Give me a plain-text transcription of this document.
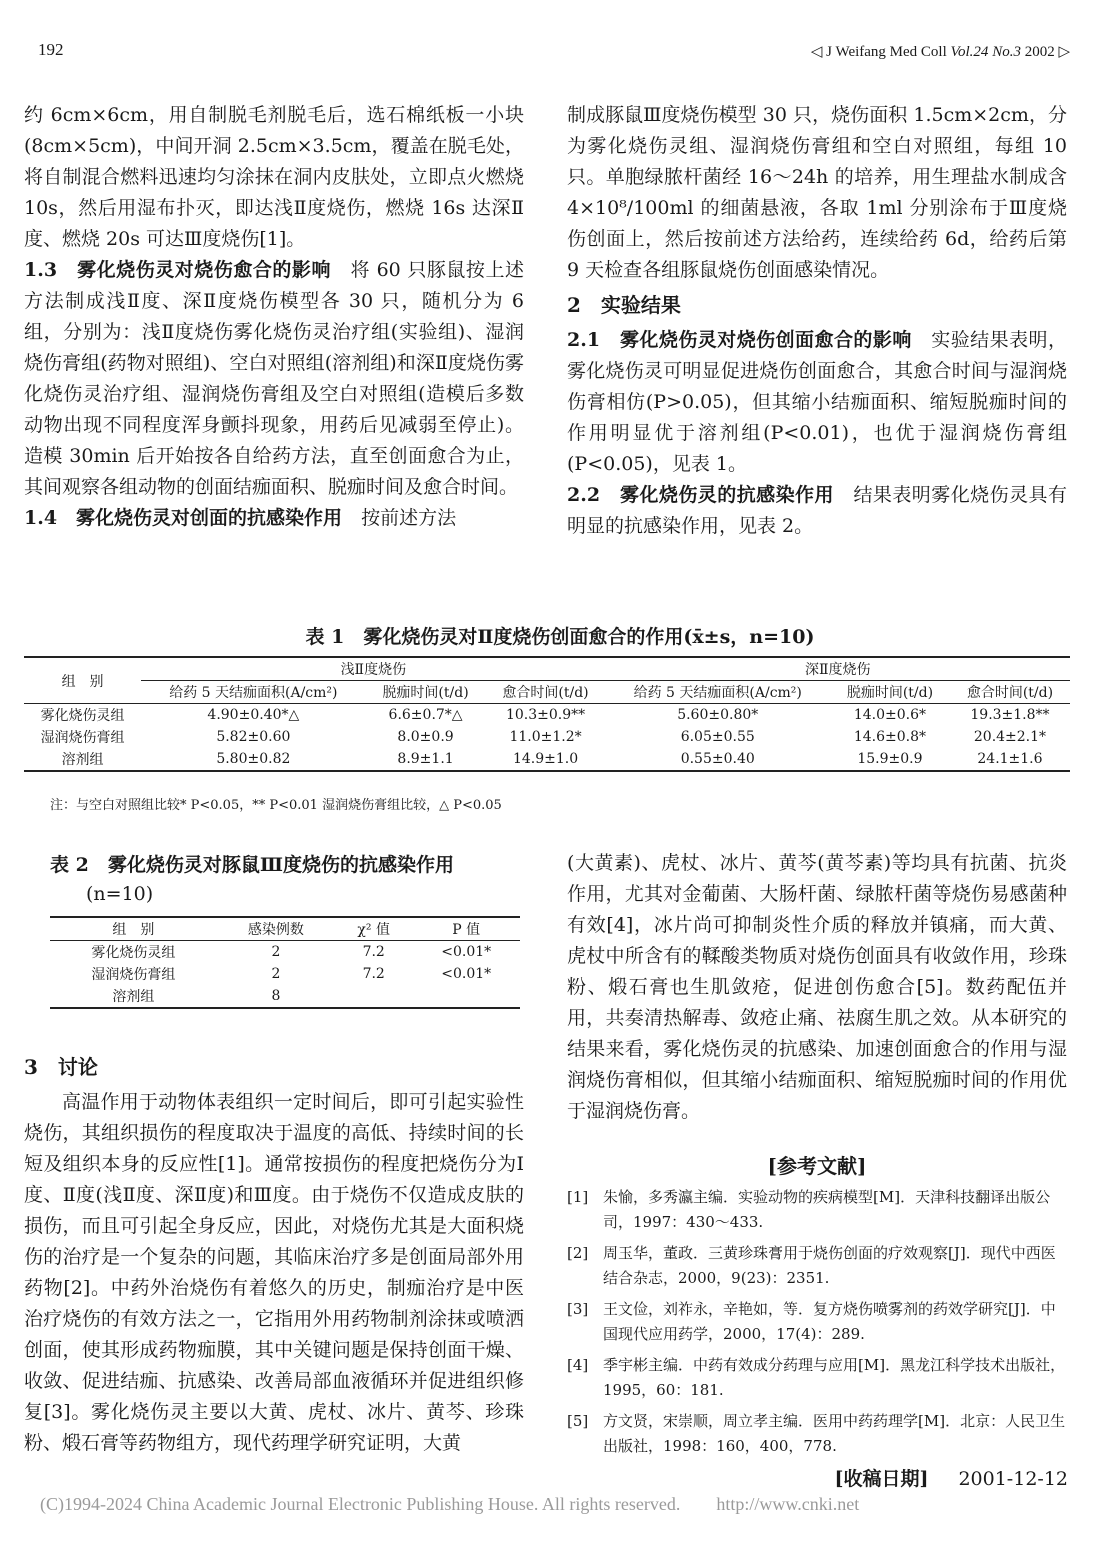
192	◁ J Weifang Med Coll Vol.24 No.3 2002 ▷

约 6cm×6cm，用自制脱毛剂脱毛后，选石棉纸板一小块(8cm×5cm)，中间开洞 2.5cm×3.5cm，覆盖在脱毛处，将自制混合燃料迅速均匀涂抹在洞内皮肤处，立即点火燃烧 10s，然后用湿布扑灭，即达浅Ⅱ度烧伤，燃烧 16s 达深Ⅱ度、燃烧 20s 可达Ⅲ度烧伤[1]。

1.3　雾化烧伤灵对烧伤愈合的影响　 将 60 只豚鼠按上述方法制成浅Ⅱ度、深Ⅱ度烧伤模型各 30 只，随机分为 6 组，分别为：浅Ⅱ度烧伤雾化烧伤灵治疗组(实验组)、湿润烧伤膏组(药物对照组)、空白对照组(溶剂组)和深Ⅱ度烧伤雾化烧伤灵治疗组、湿润烧伤膏组及空白对照组(造模后多数动物出现不同程度浑身颤抖现象，用药后见减弱至停止)。造模 30min 后开始按各自给药方法，直至创面愈合为止，其间观察各组动物的创面结痂面积、脱痂时间及愈合时间。

1.4　雾化烧伤灵对创面的抗感染作用　 按前述方法

制成豚鼠Ⅲ度烧伤模型 30 只，烧伤面积 1.5cm×2cm，分为雾化烧伤灵组、湿润烧伤膏组和空白对照组，每组 10 只。单胞绿脓杆菌经 16～24h 的培养，用生理盐水制成含 4×10⁸/100ml 的细菌悬液，各取 1ml 分别涂布于Ⅲ度烧伤创面上，然后按前述方法给药，连续给药 6d，给药后第 9 天检查各组豚鼠烧伤创面感染情况。

2　实验结果

2.1　雾化烧伤灵对烧伤创面愈合的影响　 实验结果表明，雾化烧伤灵可明显促进烧伤创面愈合，其愈合时间与湿润烧伤膏相仿(P>0.05)，但其缩小结痂面积、缩短脱痂时间的作用明显优于溶剂组(P<0.01)，也优于湿润烧伤膏组(P<0.05)，见表 1。

2.2　雾化烧伤灵的抗感染作用　 结果表明雾化烧伤灵具有明显的抗感染作用，见表 2。

表 1　雾化烧伤灵对Ⅱ度烧伤创面愈合的作用(x̄±s，n=10)
组　别	浅Ⅱ度烧伤			深Ⅱ度烧伤		
	给药 5 天结痂面积(A/cm²)	脱痂时间(t/d)	愈合时间(t/d)	给药 5 天结痂面积(A/cm²)	脱痂时间(t/d)	愈合时间(t/d)
雾化烧伤灵组	4.90±0.40*△	6.6±0.7*△	10.3±0.9**	5.60±0.80*	14.0±0.6*	19.3±1.8**
湿润烧伤膏组	5.82±0.60	8.0±0.9	11.0±1.2*	6.05±0.55	14.6±0.8*	20.4±2.1*
溶剂组	5.80±0.82	8.9±1.1	14.9±1.0	0.55±0.40	15.9±0.9	24.1±1.6
注：与空白对照组比较* P<0.05，** P<0.01 湿润烧伤膏组比较，△ P<0.05
表 2　雾化烧伤灵对豚鼠Ⅲ度烧伤的抗感染作用
(n=10)
组　别	感染例数	χ² 值	P 值
雾化烧伤灵组	2	7.2	<0.01*
湿润烧伤膏组	2	7.2	<0.01*
溶剂组	8		

3　讨论

高温作用于动物体表组织一定时间后，即可引起实验性烧伤，其组织损伤的程度取决于温度的高低、持续时间的长短及组织本身的反应性[1]。通常按损伤的程度把烧伤分为Ⅰ度、Ⅱ度(浅Ⅱ度、深Ⅱ度)和Ⅲ度。由于烧伤不仅造成皮肤的损伤，而且可引起全身反应，因此，对烧伤尤其是大面积烧伤的治疗是一个复杂的问题，其临床治疗多是创面局部外用药物[2]。中药外治烧伤有着悠久的历史，制痂治疗是中医治疗烧伤的有效方法之一，它指用外用药物制剂涂抹或喷洒创面，使其形成药物痂膜，其中关键问题是保持创面干燥、收敛、促进结痂、抗感染、改善局部血液循环并促进组织修复[3]。雾化烧伤灵主要以大黄、虎杖、冰片、黄芩、珍珠粉、煅石膏等药物组方，现代药理学研究证明，大黄

(大黄素)、虎杖、冰片、黄芩(黄芩素)等均具有抗菌、抗炎作用，尤其对金葡菌、大肠杆菌、绿脓杆菌等烧伤易感菌种有效[4]，冰片尚可抑制炎性介质的释放并镇痛，而大黄、虎杖中所含有的鞣酸类物质对烧伤创面具有收敛作用，珍珠粉、煅石膏也生肌敛疮，促进创伤愈合[5]。数药配伍并用，共奏清热解毒、敛疮止痛、祛腐生肌之效。从本研究的结果来看，雾化烧伤灵的抗感染、加速创面愈合的作用与湿润烧伤膏相似，但其缩小结痂面积、缩短脱痂时间的作用优于湿润烧伤膏。

[参考文献]
[1] 朱愉，多秀瀛主编．实验动物的疾病模型[M]．天津科技翻译出版公司，1997：430～433.
[2] 周玉华，董政．三黄珍珠膏用于烧伤创面的疗效观察[J]．现代中西医结合杂志，2000，9(23)：2351.
[3] 王文俭，刘祚永，辛艳如，等．复方烧伤喷雾剂的药效学研究[J]．中国现代应用药学，2000，17(4)：289.
[4] 季宇彬主编．中药有效成分药理与应用[M]．黑龙江科学技术出版社，1995，60：181.
[5] 方文贤，宋崇顺，周立孝主编．医用中药药理学[M]．北京：人民卫生出版社，1998：160，400，778.
[收稿日期] 2001-12-12
(C)1994-2024 China Academic Journal Electronic Publishing House. All rights reserved.　　http://www.cnki.net
